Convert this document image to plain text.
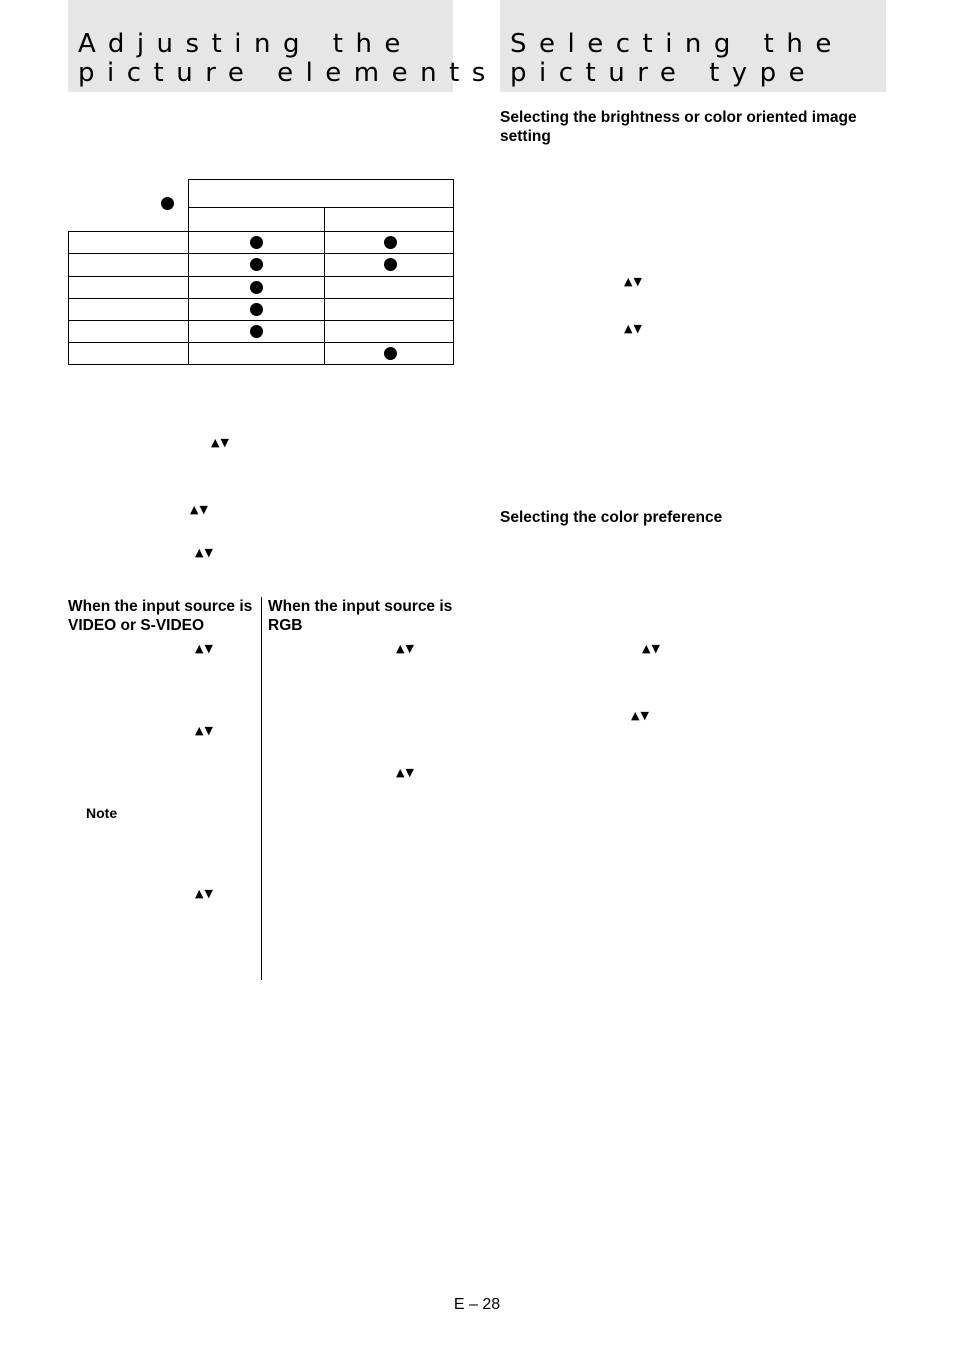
Adjusting the
picture elements
Selecting the
picture type
▲▼
▲▼
▲▼
When the input source is VIDEO or S-VIDEO
When the input source is RGB
▲▼
▲▼
Note
▲▼
▲▼
▲▼
Selecting the brightness or color oriented image setting
▲▼
▲▼
Selecting the color preference
▲▼
▲▼
E – 28
